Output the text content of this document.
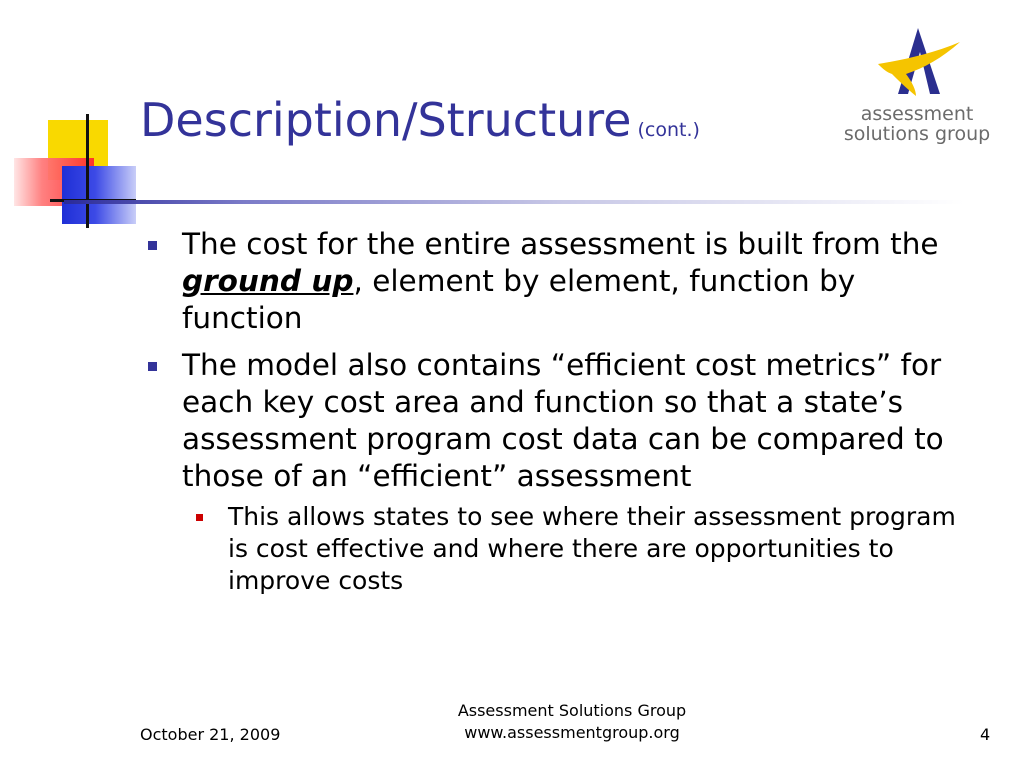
Description/Structure (cont.)
assessment
solutions group
The cost for the entire assessment is built from the ground up, element by element, function by function
The model also contains “efficient cost metrics” for each key cost area and function so that a state’s assessment program cost data can be compared to those of an “efficient” assessment
This allows states to see where their assessment program is cost effective and where there are opportunities to improve costs
October 21, 2009
Assessment Solutions Group
www.assessmentgroup.org	4
